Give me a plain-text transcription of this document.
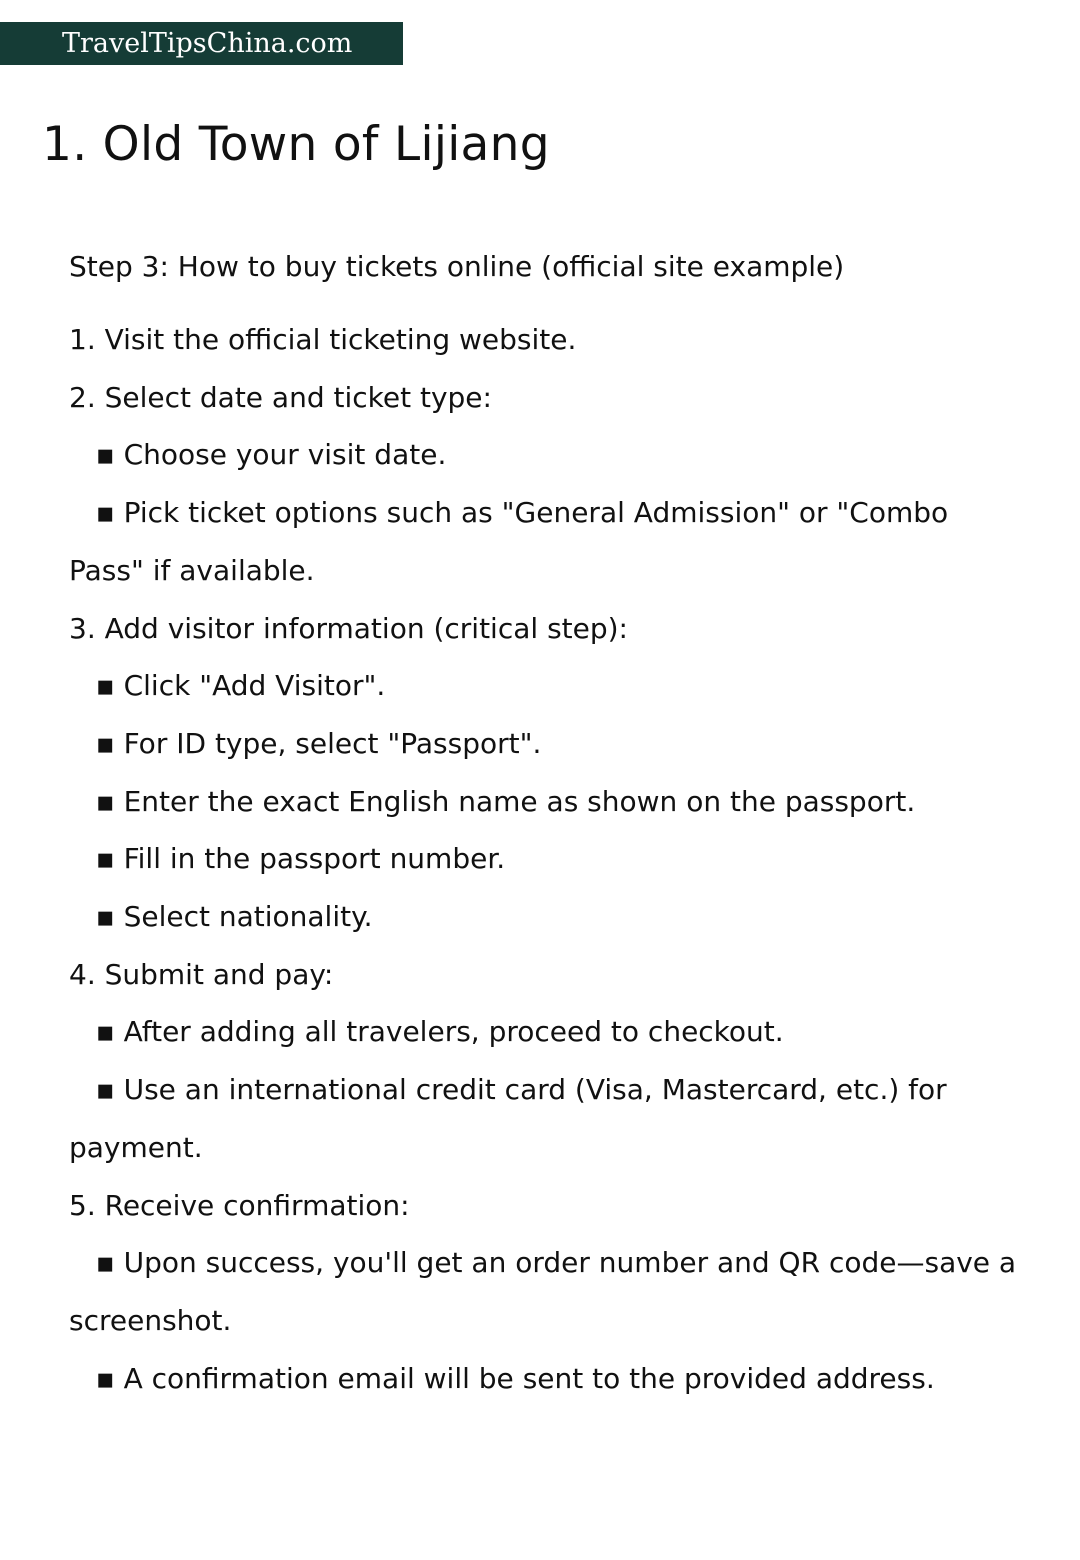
TravelTipsChina.com
1. Old Town of Lijiang
Step 3: How to buy tickets online (official site example)
1. Visit the official ticketing website.
2. Select date and ticket type:
▪ Choose your visit date.
▪ Pick ticket options such as "General Admission" or "Combo Pass" if available.
3. Add visitor information (critical step):
▪ Click "Add Visitor".
▪ For ID type, select "Passport".
▪ Enter the exact English name as shown on the passport.
▪ Fill in the passport number.
▪ Select nationality.
4. Submit and pay:
▪ After adding all travelers, proceed to checkout.
▪ Use an international credit card (Visa, Mastercard, etc.) for payment.
5. Receive confirmation:
▪ Upon success, you'll get an order number and QR code—save a screenshot.
▪ A confirmation email will be sent to the provided address.
